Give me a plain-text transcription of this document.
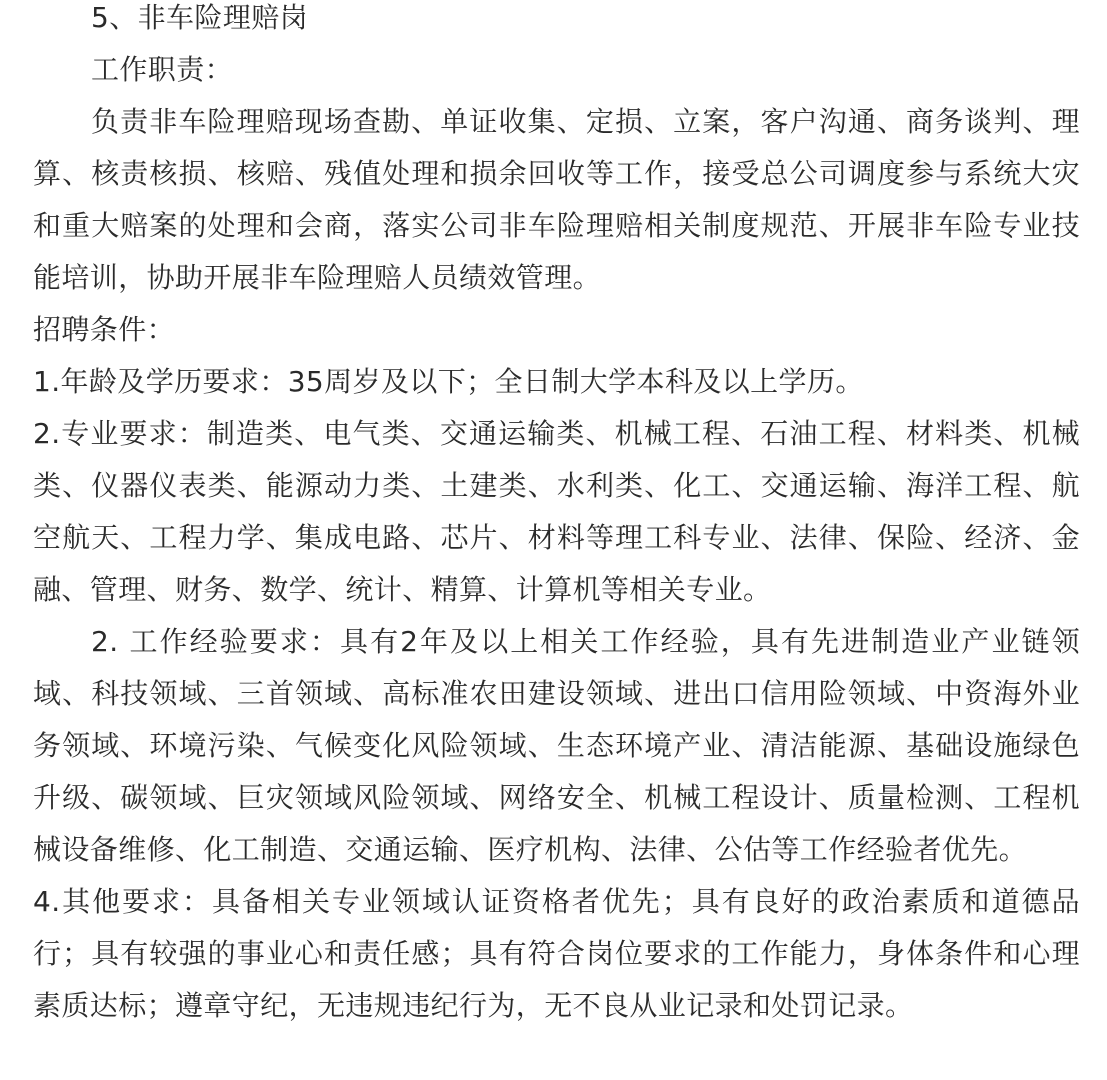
5、非车险理赔岗

工作职责：

负责非车险理赔现场查勘、单证收集、定损、立案，客户沟通、商务谈判、理算、核责核损、核赔、残值处理和损余回收等工作，接受总公司调度参与系统大灾和重大赔案的处理和会商，落实公司非车险理赔相关制度规范、开展非车险专业技能培训，协助开展非车险理赔人员绩效管理。

招聘条件：

1.年龄及学历要求：35周岁及以下；全日制大学本科及以上学历。

2.专业要求：制造类、电气类、交通运输类、机械工程、石油工程、材料类、机械类、仪器仪表类、能源动力类、土建类、水利类、化工、交通运输、海洋工程、航空航天、工程力学、集成电路、芯片、材料等理工科专业、法律、保险、经济、金融、管理、财务、数学、统计、精算、计算机等相关专业。

2. 工作经验要求：具有2年及以上相关工作经验，具有先进制造业产业链领域、科技领域、三首领域、高标准农田建设领域、进出口信用险领域、中资海外业务领域、环境污染、气候变化风险领域、生态环境产业、清洁能源、基础设施绿色升级、碳领域、巨灾领域风险领域、网络安全、机械工程设计、质量检测、工程机械设备维修、化工制造、交通运输、医疗机构、法律、公估等工作经验者优先。

4.其他要求：具备相关专业领域认证资格者优先；具有良好的政治素质和道德品行；具有较强的事业心和责任感；具有符合岗位要求的工作能力，身体条件和心理素质达标；遵章守纪，无违规违纪行为，无不良从业记录和处罚记录。
